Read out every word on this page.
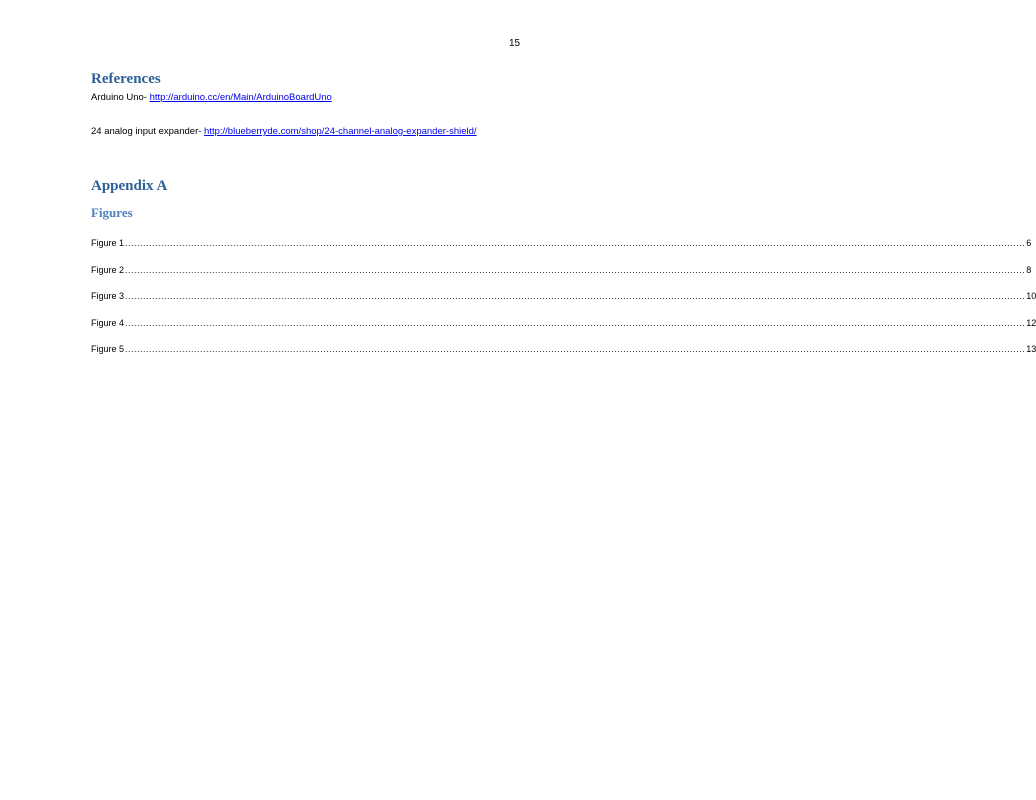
15
References
Arduino Uno- http://arduino.cc/en/Main/ArduinoBoardUno
24 analog input expander- http://blueberryde.com/shop/24-channel-analog-expander-shield/
Appendix A
Figures
Figure 1 ............................................................................................................................................................................................................................................................................................................ 6
Figure 2 ............................................................................................................................................................................................................................................................................................................ 8
Figure 3 ............................................................................................................................................................................................................................................................................................................ 10
Figure 4 ............................................................................................................................................................................................................................................................................................................ 12
Figure 5 ............................................................................................................................................................................................................................................................................................................ 13
